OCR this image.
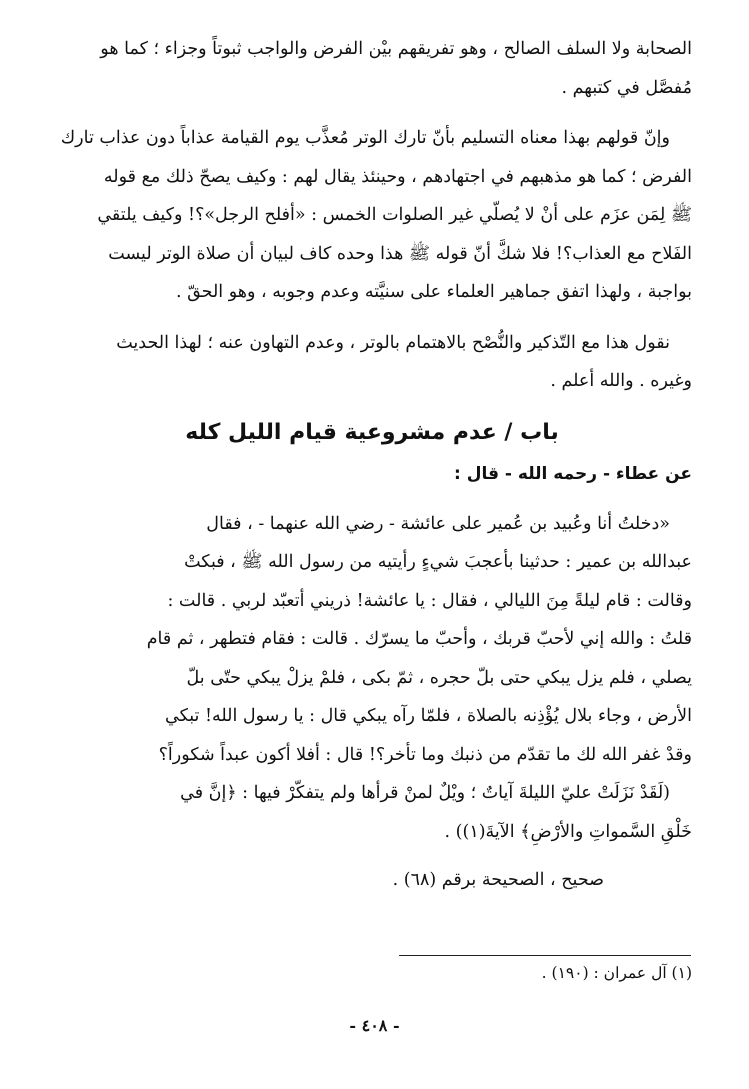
الصحابة ولا السلف الصالح ، وهو تفريقهم بيْن الفرض والواجب ثبوتاً وجزاء ؛ كما هو
مُفصَّل في كتبهم .
وإنّ قولهم بهذا معناه التسليم بأنّ تارك الوتر مُعذَّب يوم القيامة عذاباً دون عذاب تارك
الفرض ؛ كما هو مذهبهم في اجتهادهم ، وحينئذ يقال لهم : وكيف يصحّ ذلك مع قوله
ﷺ لِمَن عزَم على أنْ لا يُصلّي غير الصلوات الخمس : «أفلح الرجل»؟! وكيف يلتقي
الفَلاح مع العذاب؟! فلا شكَّ أنّ قوله ﷺ هذا وحده كاف لبيان أن صلاة الوتر ليست
بواجبة ، ولهذا اتفق جماهير العلماء على سنيَّته وعدم وجوبه ، وهو الحقّ .
نقول هذا مع التّذكير والنُّصْح بالاهتمام بالوتر ، وعدم التهاون عنه ؛ لهذا الحديث
وغيره . والله أعلم .
باب / عدم مشروعية قيام الليل كله
عن عطاء - رحمه الله - قال :
«دخلتُ أنا وعُبيد بن عُمير على عائشة - رضي الله عنهما - ، فقال
عبدالله بن عمير : حدثينا بأعجبَ شيءٍ رأيتيه من رسول الله ﷺ ، فبكتْ
وقالت : قام ليلةً مِنَ الليالي ، فقال : يا عائشة! ذريني أتعبّد لربي . قالت :
قلتُ : والله إني لأحبّ قربك ، وأحبّ ما يسرّك . قالت : فقام فتطهر ، ثم قام
يصلي ، فلم يزل يبكي حتى بلّ حجره ، ثمّ بكى ، فلمْ يزلْ يبكي حتّى بلّ
الأرض ، وجاء بلال يُؤْذِنه بالصلاة ، فلمّا رآه يبكي قال : يا رسول الله! تبكي
وقدْ غفر الله لك ما تقدّم من ذنبك وما تأخر؟! قال : أفلا أكون عبداً شكوراً؟
(لَقَدْ نَزَلَتْ عليّ الليلةَ آياتٌ ؛ ويْلٌ لمنْ قرأها ولم يتفكّرْ فيها : ﴿إنَّ في
خَلْقِ السَّمواتِ والأرْضِ﴾ الآيةَ(١)) .
صحيح ، الصحيحة برقم (٦٨) .
(١) آل عمران : (١٩٠) .
- ٤٠٨ -
